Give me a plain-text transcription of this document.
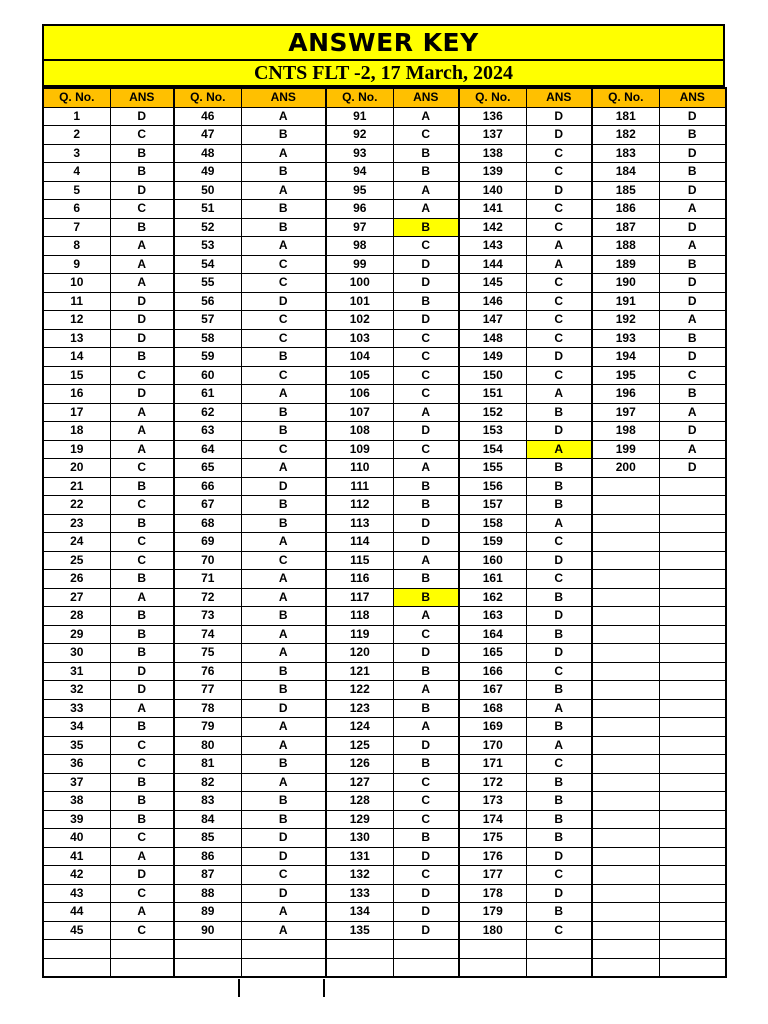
ANSWER KEY
CNTS FLT -2, 17 March, 2024
Q. No.	ANS	Q. No.	ANS	Q. No.	ANS	Q. No.	ANS	Q. No.	ANS
1	D	46	A	91	A	136	D	181	D
2	C	47	B	92	C	137	D	182	B
3	B	48	A	93	B	138	C	183	D
4	B	49	B	94	B	139	C	184	B
5	D	50	A	95	A	140	D	185	D
6	C	51	B	96	A	141	C	186	A
7	B	52	B	97	B	142	C	187	D
8	A	53	A	98	C	143	A	188	A
9	A	54	C	99	D	144	A	189	B
10	A	55	C	100	D	145	C	190	D
11	D	56	D	101	B	146	C	191	D
12	D	57	C	102	D	147	C	192	A
13	D	58	C	103	C	148	C	193	B
14	B	59	B	104	C	149	D	194	D
15	C	60	C	105	C	150	C	195	C
16	D	61	A	106	C	151	A	196	B
17	A	62	B	107	A	152	B	197	A
18	A	63	B	108	D	153	D	198	D
19	A	64	C	109	C	154	A	199	A
20	C	65	A	110	A	155	B	200	D
21	B	66	D	111	B	156	B		
22	C	67	B	112	B	157	B		
23	B	68	B	113	D	158	A		
24	C	69	A	114	D	159	C		
25	C	70	C	115	A	160	D		
26	B	71	A	116	B	161	C		
27	A	72	A	117	B	162	B		
28	B	73	B	118	A	163	D		
29	B	74	A	119	C	164	B		
30	B	75	A	120	D	165	D		
31	D	76	B	121	B	166	C		
32	D	77	B	122	A	167	B		
33	A	78	D	123	B	168	A		
34	B	79	A	124	A	169	B		
35	C	80	A	125	D	170	A		
36	C	81	B	126	B	171	C		
37	B	82	A	127	C	172	B		
38	B	83	B	128	C	173	B		
39	B	84	B	129	C	174	B		
40	C	85	D	130	B	175	B		
41	A	86	D	131	D	176	D		
42	D	87	C	132	C	177	C		
43	C	88	D	133	D	178	D		
44	A	89	A	134	D	179	B		
45	C	90	A	135	D	180	C		
